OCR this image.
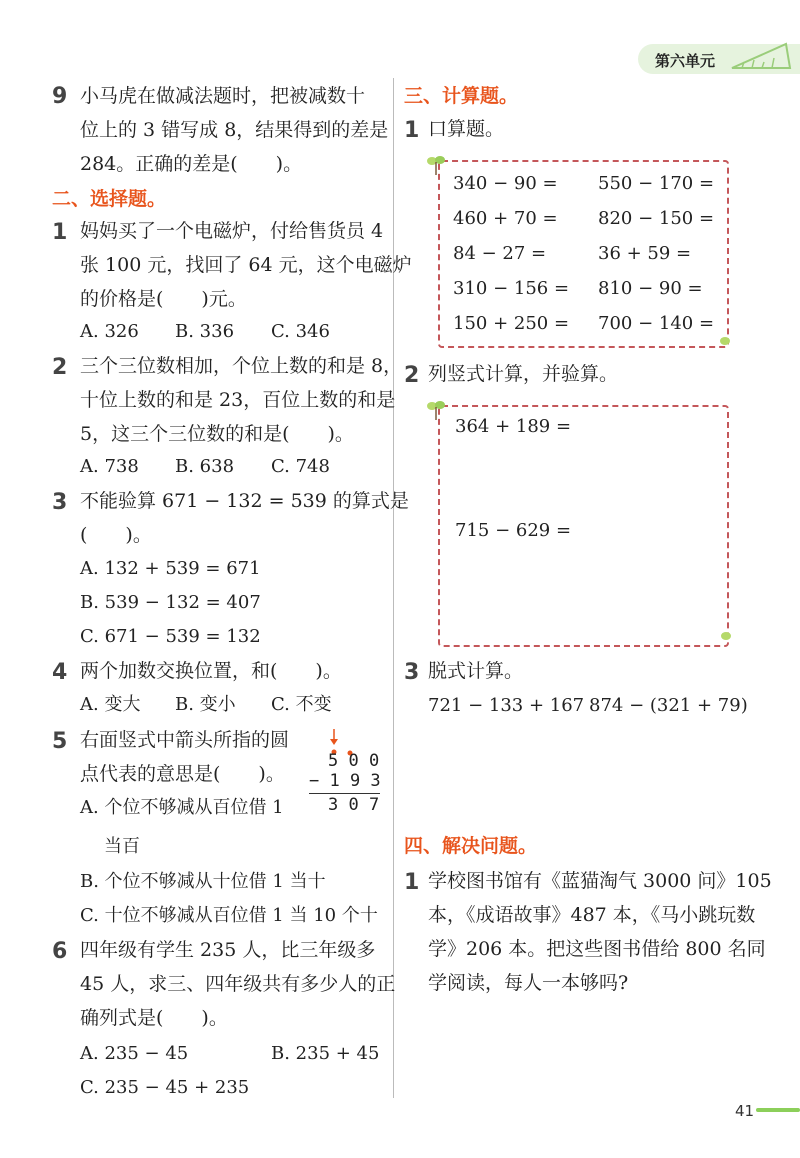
第六单元
9 小马虎在做减法题时，把被减数十
位上的 3 错写成 8，结果得到的差是
284。正确的差是(　　)。
二、选择题。
1 妈妈买了一个电磁炉，付给售货员 4
张 100 元，找回了 64 元，这个电磁炉
的价格是(　　)元。
A. 326 B. 336 C. 346
2 三个三位数相加，个位上数的和是 8，
十位上数的和是 23，百位上数的和是
5，这三个三位数的和是(　　)。
A. 738 B. 638 C. 748
3 不能验算 671 − 132 = 539 的算式是
(　　)。
A. 132 + 539 = 671
B. 539 − 132 = 407
C. 671 − 539 = 132
4 两个加数交换位置，和(　　)。
A. 变大 B. 变小 C. 不变
5 右面竖式中箭头所指的圆
点代表的意思是(　　)。
A. 个位不够减从百位借 1
当百
B. 个位不够减从十位借 1 当十
C. 十位不够减从百位借 1 当 10 个十
5 0 0
− 1 9 3
3 0 7
6 四年级有学生 235 人，比三年级多
45 人，求三、四年级共有多少人的正
确列式是(　　)。
A. 235 − 45	B. 235 + 45
C. 235 − 45 + 235
三、计算题。
1 口算题。
340 − 90 =
460 + 70 =
84 − 27 =
310 − 156 =
150 + 250 =
550 − 170 =
820 − 150 =
36 + 59 =
810 − 90 =
700 − 140 =
2 列竖式计算，并验算。
364 + 189 =
715 − 629 =
3 脱式计算。
721 − 133 + 167 874 − (321 + 79)
四、解决问题。
1 学校图书馆有《蓝猫淘气 3000 问》105
本，《成语故事》487 本，《马小跳玩数
学》206 本。把这些图书借给 800 名同
学阅读，每人一本够吗?
41
